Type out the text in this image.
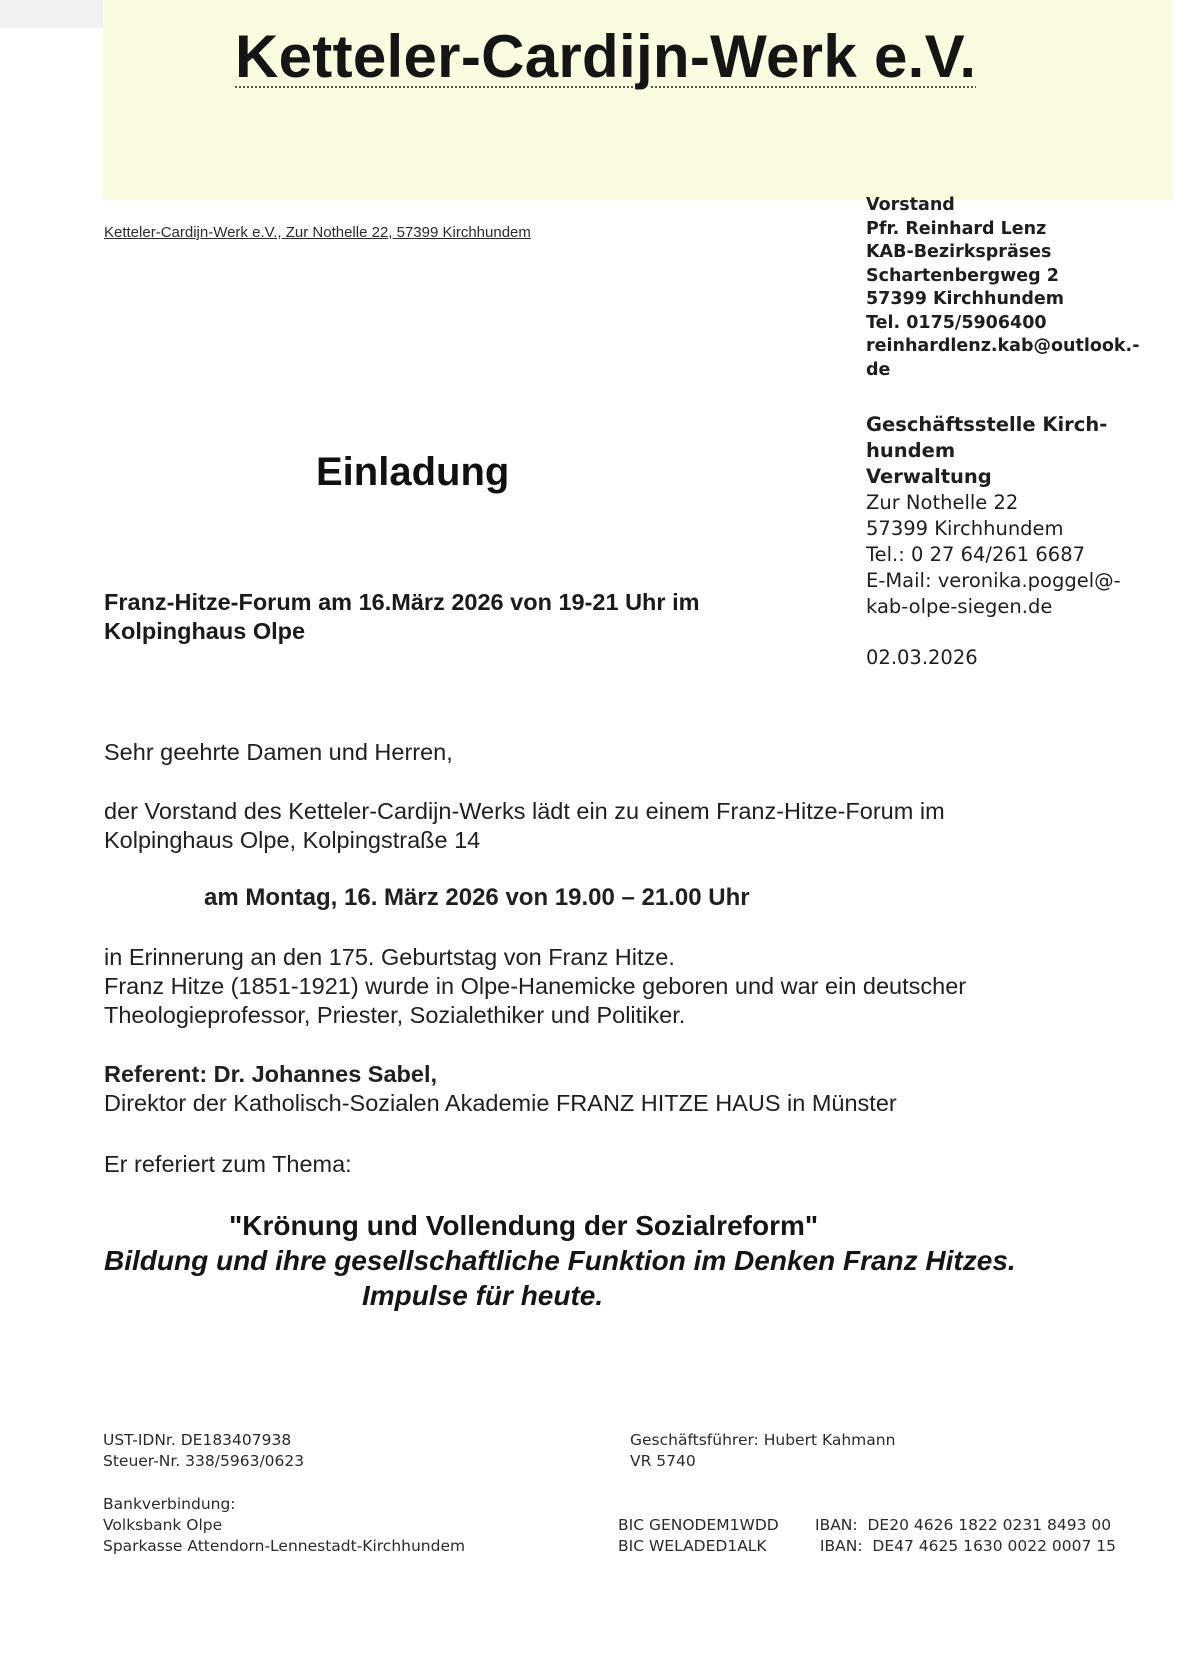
Ketteler-Cardijn-Werk e.V.
Ketteler-Cardijn-Werk e.V., Zur Nothelle 22, 57399 Kirchhundem
Vorstand
Pfr. Reinhard Lenz
KAB-Bezirkspräses
Schartenbergweg 2
57399 Kirchhundem
Tel. 0175/5906400
reinhardlenz.kab@outlook.-
de
Geschäftsstelle Kirch-
hundem
Verwaltung
Zur Nothelle 22
57399 Kirchhundem
Tel.: 0 27 64/261 6687
E-Mail: veronika.poggel@-
kab-olpe-siegen.de
02.03.2026
Einladung
Franz-Hitze-Forum am 16.März 2026 von 19-21 Uhr im
Kolpinghaus Olpe
Sehr geehrte Damen und Herren,
der Vorstand des Ketteler-Cardijn-Werks lädt ein zu einem Franz-Hitze-Forum im
Kolpinghaus Olpe, Kolpingstraße 14
am Montag, 16. März 2026 von 19.00 – 21.00 Uhr
in Erinnerung an den 175. Geburtstag von Franz Hitze.
Franz Hitze (1851-1921) wurde in Olpe-Hanemicke geboren und war ein deutscher
Theologieprofessor, Priester, Sozialethiker und Politiker.
Referent: Dr. Johannes Sabel,
Direktor der Katholisch-Sozialen Akademie FRANZ HITZE HAUS in Münster
Er referiert zum Thema:
"Krönung und Vollendung der Sozialreform"
Bildung und ihre gesellschaftliche Funktion im Denken Franz Hitzes.
Impulse für heute.
UST-IDNr. DE183407938
Steuer-Nr. 338/5963/0623
Geschäftsführer: Hubert Kahmann
VR 5740
Bankverbindung:
Volksbank Olpe
Sparkasse Attendorn-Lennestadt-Kirchhundem
BIC GENODEM1WDD
BIC WELADED1ALK
IBAN:  DE20 4626 1822 0231 8493 00
IBAN:  DE47 4625 1630 0022 0007 15
